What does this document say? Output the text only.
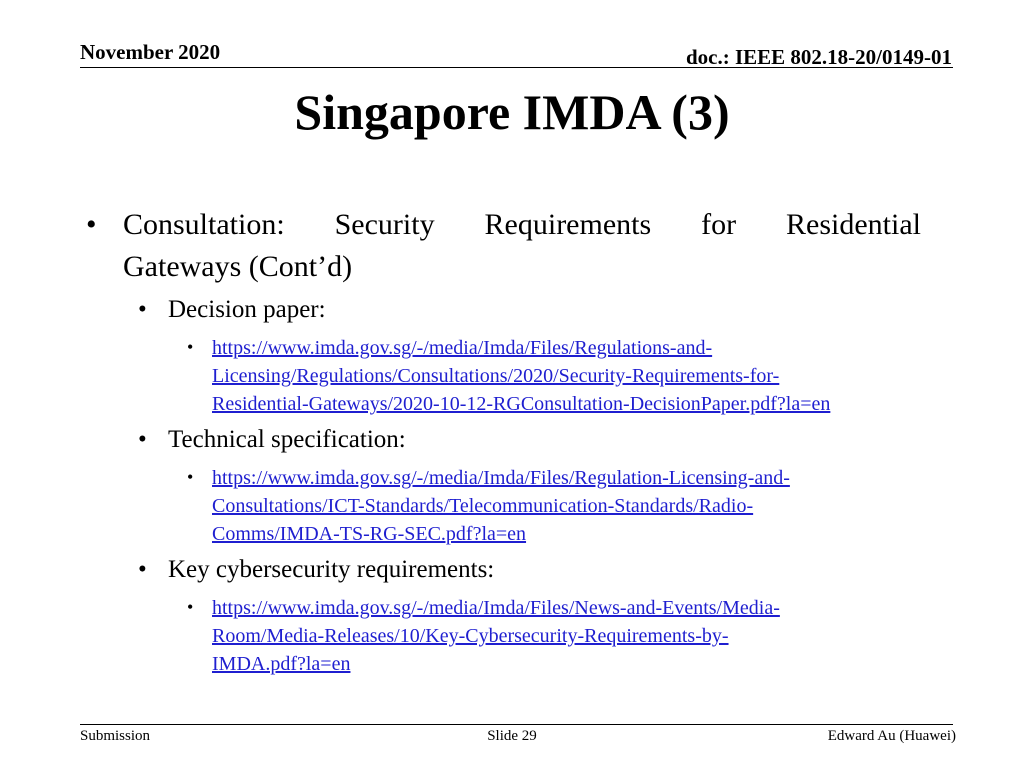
November 2020	doc.: IEEE 802.18-20/0149-01
Singapore IMDA (3)
• Consultation: Security Requirements for Residential
Gateways (Cont’d)
• Decision paper:
• https://www.imda.gov.sg/-/media/Imda/Files/Regulations-and-
Licensing/Regulations/Consultations/2020/Security-Requirements-for-
Residential-Gateways/2020-10-12-RGConsultation-DecisionPaper.pdf?la=en
• Technical specification:
• https://www.imda.gov.sg/-/media/Imda/Files/Regulation-Licensing-and-
Consultations/ICT-Standards/Telecommunication-Standards/Radio-
Comms/IMDA-TS-RG-SEC.pdf?la=en
• Key cybersecurity requirements:
• https://www.imda.gov.sg/-/media/Imda/Files/News-and-Events/Media-
Room/Media-Releases/10/Key-Cybersecurity-Requirements-by-
IMDA.pdf?la=en
Submission	Slide 29	Edward Au (Huawei)
